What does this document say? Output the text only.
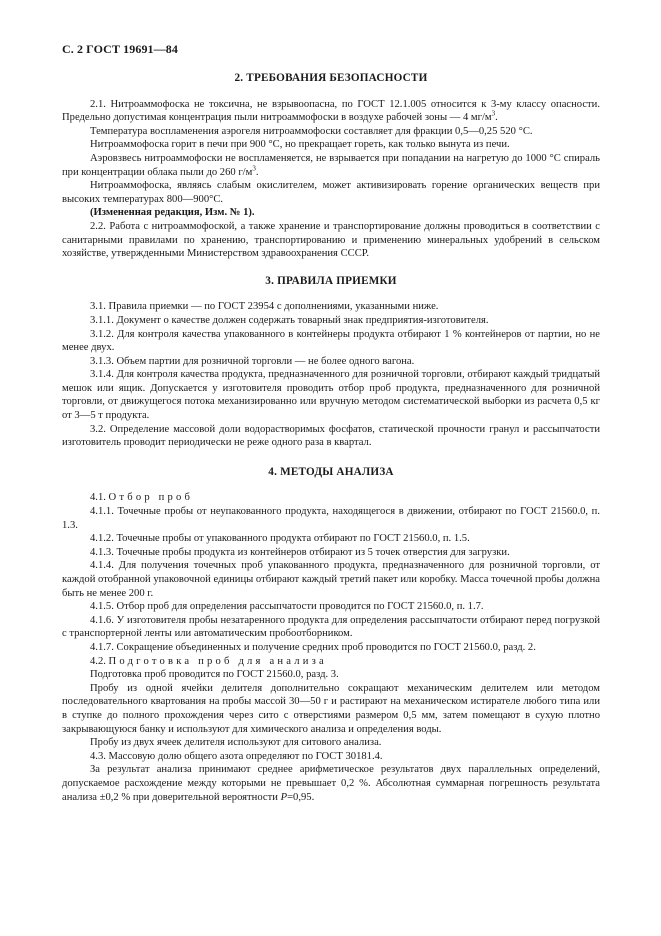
С. 2 ГОСТ 19691—84
2. ТРЕБОВАНИЯ БЕЗОПАСНОСТИ

2.1. Нитроаммофоска не токсична, не взрывоопасна, по ГОСТ 12.1.005 относится к 3-му классу опасности. Предельно допустимая концентрация пыли нитроаммофоски в воздухе рабочей зоны — 4 $мг/м^3$.

Температура воспламенения аэрогеля нитроаммофоски составляет для фракции 0,5—0,25 520 °С.

Нитроаммофоска горит в печи при 900 °С, но прекращает гореть, как только вынута из печи.

Аэровзвесь нитроаммофоски не воспламеняется, не взрывается при попадании на нагретую до 1000 °С спираль при концентрации облака пыли до 260 $г/м^3$.

Нитроаммофоска, являясь слабым окислителем, может активизировать горение органических веществ при высоких температурах 800—900°С.

(Измененная редакция, Изм. № 1).

2.2. Работа с нитроаммофоской, а также хранение и транспортирование должны проводиться в соответствии с санитарными правилами по хранению, транспортированию и применению минеральных удобрений в сельском хозяйстве, утвержденными Министерством здравоохранения СССР.

3. ПРАВИЛА ПРИЕМКИ

3.1. Правила приемки — по ГОСТ 23954 с дополнениями, указанными ниже.

3.1.1. Документ о качестве должен содержать товарный знак предприятия-изготовителя.

3.1.2. Для контроля качества упакованного в контейнеры продукта отбирают 1 % контейнеров от партии, но не менее двух.

3.1.3. Объем партии для розничной торговли — не более одного вагона.

3.1.4. Для контроля качества продукта, предназначенного для розничной торговли, отбирают каждый тридцатый мешок или ящик. Допускается у изготовителя проводить отбор проб продукта, предназначенного для розничной торговли, от движущегося потока механизированно или вручную методом систематической выборки из расчета 0,5 кг от 3—5 т продукта.

3.2. Определение массовой доли водорастворимых фосфатов, статической прочности гранул и рассыпчатости изготовитель проводит периодически не реже одного раза в квартал.

4. МЕТОДЫ АНАЛИЗА

4.1. Отбор проб

4.1.1. Точечные пробы от неупакованного продукта, находящегося в движении, отбирают по ГОСТ 21560.0, п. 1.3.

4.1.2. Точечные пробы от упакованного продукта отбирают по ГОСТ 21560.0, п. 1.5.

4.1.3. Точечные пробы продукта из контейнеров отбирают из 5 точек отверстия для загрузки.

4.1.4. Для получения точечных проб упакованного продукта, предназначенного для розничной торговли, от каждой отобранной упаковочной единицы отбирают каждый третий пакет или коробку. Масса точечной пробы должна быть не менее 200 г.

4.1.5. Отбор проб для определения рассыпчатости проводится по ГОСТ 21560.0, п. 1.7.

4.1.6. У изготовителя пробы незатаренного продукта для определения рассыпчатости отбирают перед погрузкой с транспортерной ленты или автоматическим пробоотборником.

4.1.7. Сокращение объединенных и получение средних проб проводится по ГОСТ 21560.0, разд. 2.

4.2. Подготовка проб для анализа

Подготовка проб проводится по ГОСТ 21560.0, разд. 3.

Пробу из одной ячейки делителя дополнительно сокращают механическим делителем или методом последовательного квартования на пробы массой 30—50 г и растирают на механическом истирателе любого типа или в ступке до полного прохождения через сито с отверстиями размером 0,5 мм, затем помещают в сухую плотно закрывающуюся банку и используют для химического анализа и определения воды.

Пробу из двух ячеек делителя используют для ситового анализа.

4.3. Массовую долю общего азота определяют по ГОСТ 30181.4.

За результат анализа принимают среднее арифметическое результатов двух параллельных определений, допускаемое расхождение между которыми не превышает 0,2 %. Абсолютная суммарная погрешность результата анализа ±0,2 % при доверительной вероятности Р=0,95.
